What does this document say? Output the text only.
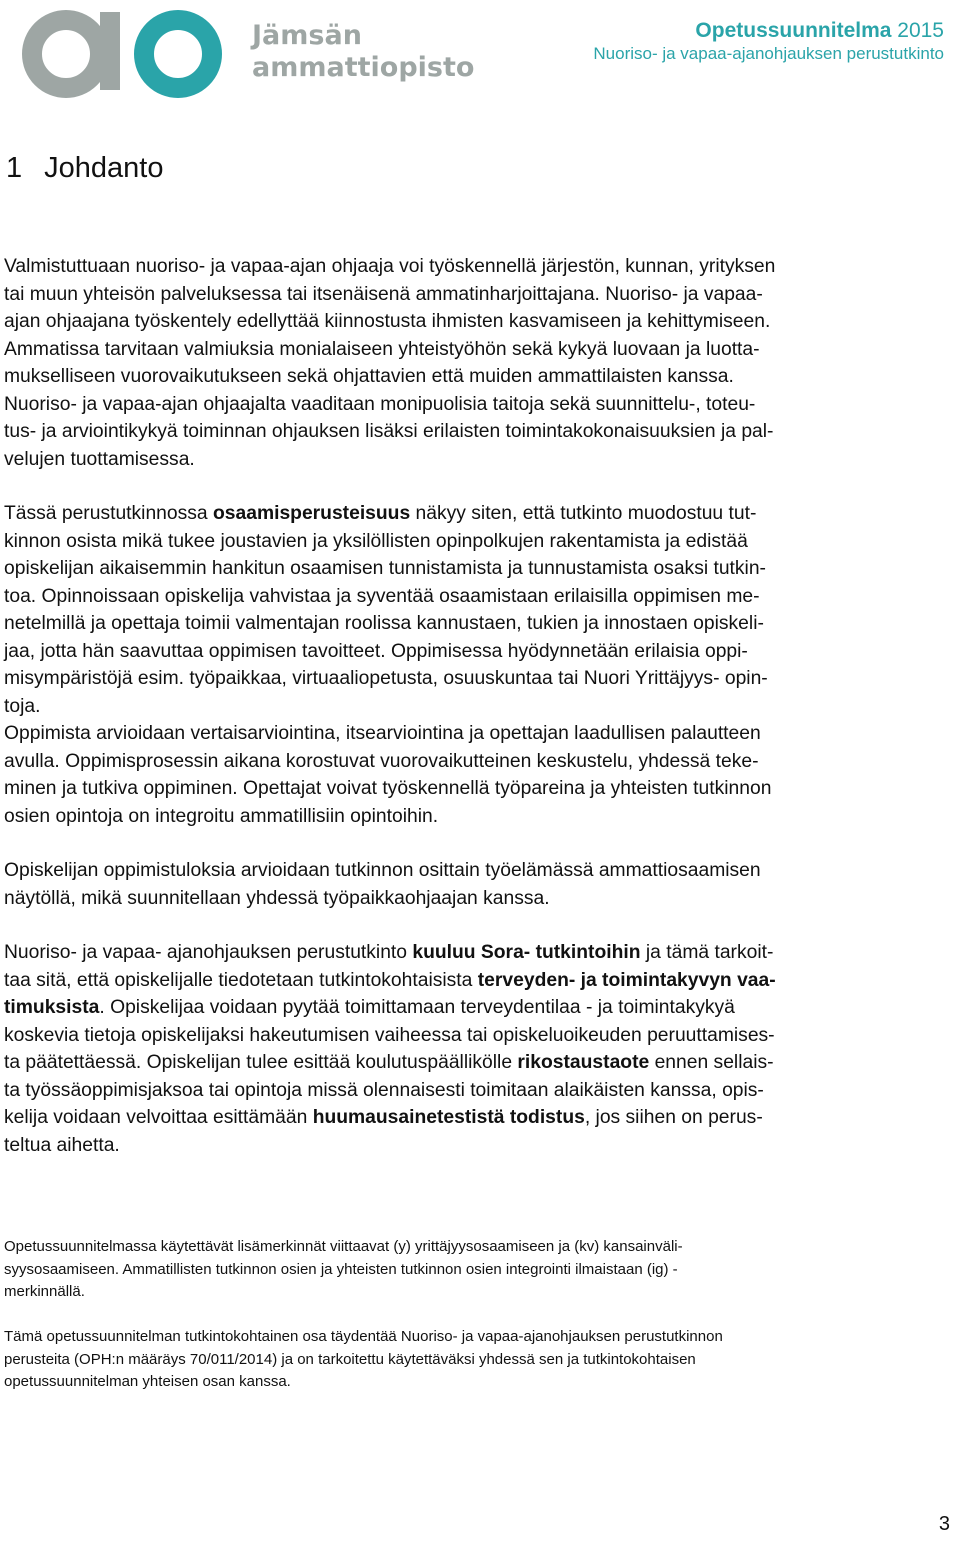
Jämsän
ammattiopisto
Opetussuunnitelma 2015
Nuoriso- ja vapaa-ajanohjauksen perustutkinto
1 Johdanto
Valmistuttuaan nuoriso- ja vapaa-ajan ohjaaja voi työskennellä järjestön, kunnan, yrityksen
tai muun yhteisön palveluksessa tai itsenäisenä ammatinharjoittajana. Nuoriso- ja vapaa-
ajan ohjaajana työskentely edellyttää kiinnostusta ihmisten kasvamiseen ja kehittymiseen.
Ammatissa tarvitaan valmiuksia monialaiseen yhteistyöhön sekä kykyä luovaan ja luotta-
mukselliseen vuorovaikutukseen sekä ohjattavien että muiden ammattilaisten kanssa.
Nuoriso- ja vapaa-ajan ohjaajalta vaaditaan monipuolisia taitoja sekä suunnittelu-, toteu-
tus- ja arviointikykyä toiminnan ohjauksen lisäksi erilaisten toimintakokonaisuuksien ja pal-
velujen tuottamisessa.
Tässä perustutkinnossa osaamisperusteisuus näkyy siten, että tutkinto muodostuu tut-
kinnon osista mikä tukee joustavien ja yksilöllisten opinpolkujen rakentamista ja edistää
opiskelijan aikaisemmin hankitun osaamisen tunnistamista ja tunnustamista osaksi tutkin-
toa. Opinnoissaan opiskelija vahvistaa ja syventää osaamistaan erilaisilla oppimisen me-
netelmillä ja opettaja toimii valmentajan roolissa kannustaen, tukien ja innostaen opiskeli-
jaa, jotta hän saavuttaa oppimisen tavoitteet. Oppimisessa hyödynnetään erilaisia oppi-
misympäristöjä esim. työpaikkaa, virtuaaliopetusta, osuuskuntaa tai Nuori Yrittäjyys- opin-
toja.
Oppimista arvioidaan vertaisarviointina, itsearviointina ja opettajan laadullisen palautteen
avulla. Oppimisprosessin aikana korostuvat vuorovaikutteinen keskustelu, yhdessä teke-
minen ja tutkiva oppiminen. Opettajat voivat työskennellä työpareina ja yhteisten tutkinnon
osien opintoja on integroitu ammatillisiin opintoihin.
Opiskelijan oppimistuloksia arvioidaan tutkinnon osittain työelämässä ammattiosaamisen
näytöllä, mikä suunnitellaan yhdessä työpaikkaohjaajan kanssa.
Nuoriso- ja vapaa- ajanohjauksen perustutkinto kuuluu Sora- tutkintoihin ja tämä tarkoit-
taa sitä, että opiskelijalle tiedotetaan tutkintokohtaisista terveyden- ja toimintakyvyn vaa-
timuksista. Opiskelijaa voidaan pyytää toimittamaan terveydentilaa - ja toimintakykyä
koskevia tietoja opiskelijaksi hakeutumisen vaiheessa tai opiskeluoikeuden peruuttamises-
ta päätettäessä. Opiskelijan tulee esittää koulutuspäällikölle rikostaustaote ennen sellais-
ta työssäoppimisjaksoa tai opintoja missä olennaisesti toimitaan alaikäisten kanssa, opis-
kelija voidaan velvoittaa esittämään huumausainetestistä todistus, jos siihen on perus-
teltua aihetta.
Opetussuunnitelmassa käytettävät lisämerkinnät viittaavat (y) yrittäjyysosaamiseen ja (kv) kansainväli-
syysosaamiseen. Ammatillisten tutkinnon osien ja yhteisten tutkinnon osien integrointi ilmaistaan (ig) -
merkinnällä.
Tämä opetussuunnitelman tutkintokohtainen osa täydentää Nuoriso- ja vapaa-ajanohjauksen perustutkinnon
perusteita (OPH:n määräys 70/011/2014) ja on tarkoitettu käytettäväksi yhdessä sen ja tutkintokohtaisen
opetussuunnitelman yhteisen osan kanssa.
3
